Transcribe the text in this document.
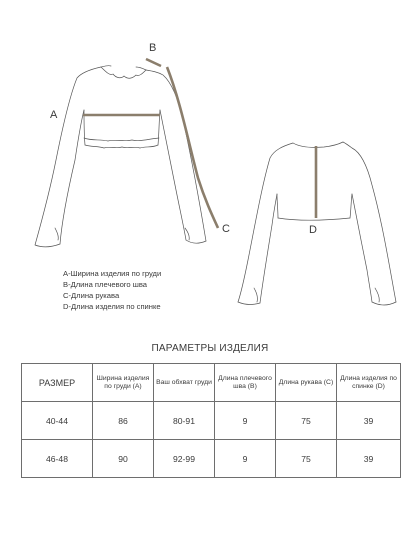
A
B
C	D
A-Ширина изделия по груди
B-Длина плечевого шва
C-Длина рукава
D-Длина изделия по спинке
ПАРАМЕТРЫ ИЗДЕЛИЯ
РАЗМЕР	Ширина изделия по груди (A)	Ваш обхват груди	Длина плечевого шва (B)	Длина рукава (C)	Длина изделия по спинке (D)
40-44	86	80-91	9	75	39
46-48	90	92-99	9	75	39
